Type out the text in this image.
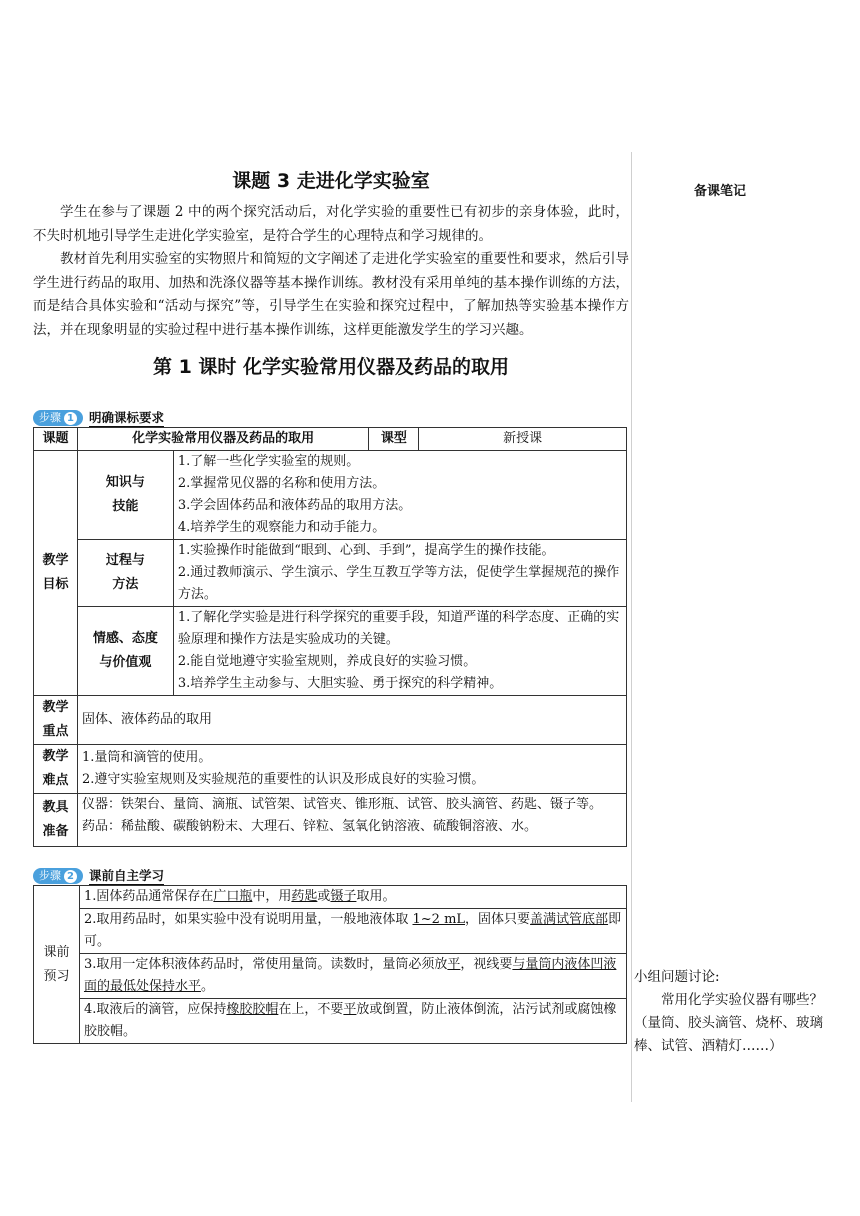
备课笔记
小组问题讨论:
常用化学实验仪器有哪些？（量筒、胶头滴管、烧杯、玻璃棒、试管、酒精灯……）
课题 3 走进化学实验室

学生在参与了课题 2 中的两个探究活动后，对化学实验的重要性已有初步的亲身体验，此时，不失时机地引导学生走进化学实验室，是符合学生的心理特点和学习规律的。

教材首先利用实验室的实物照片和简短的文字阐述了走进化学实验室的重要性和要求，然后引导学生进行药品的取用、加热和洗涤仪器等基本操作训练。教材没有采用单纯的基本操作训练的方法，而是结合具体实验和“活动与探究”等，引导学生在实验和探究过程中，了解加热等实验基本操作方法，并在现象明显的实验过程中进行基本操作训练，这样更能激发学生的学习兴趣。

第 1 课时 化学实验常用仪器及药品的取用
步骤 1 明确课标要求
课题	化学实验常用仪器及药品的取用		课型	新授课

教学
目标	知识与
技能	1.了解一些化学实验室的规则。
2.掌握常见仪器的名称和使用方法。
3.学会固体药品和液体药品的取用方法。
4.培养学生的观察能力和动手能力。		

	过程与
方法	1.实验操作时能做到“眼到、心到、手到”，提高学生的操作技能。
2.通过教师演示、学生演示、学生互教互学等方法，促使学生掌握规范的操作方法。		

	情感、态度
与价值观	1.了解化学实验是进行科学探究的重要手段，知道严谨的科学态度、正确的实验原理和操作方法是实验成功的关键。
2.能自觉地遵守实验室规则，养成良好的实验习惯。
3.培养学生主动参与、大胆实验、勇于探究的科学精神。		

教学
重点	固体、液体药品的取用			

教学
难点	1.量筒和滴管的使用。
2.遵守实验室规则及实验规范的重要性的认识及形成良好的实验习惯。			

教具
准备	仪器：铁架台、量筒、滴瓶、试管架、试管夹、锥形瓶、试管、胶头滴管、药匙、镊子等。
药品：稀盐酸、碳酸钠粉末、大理石、锌粒、氢氧化钠溶液、硫酸铜溶液、水。			
步骤 2 课前自主学习
课前
预习
	1.固体药品通常保存在广口瓶中，用药匙或镊子取用。
2.取用药品时，如果实验中没有说明用量，一般地液体取 1~2 mL，固体只要盖满试管底部即可。
3.取用一定体积液体药品时，常使用量筒。读数时，量筒必须放平，视线要与量筒内液体凹液面的最低处保持水平。
4.取液后的滴管，应保持橡胶胶帽在上，不要平放或倒置，防止液体倒流，沾污试剂或腐蚀橡胶胶帽。
